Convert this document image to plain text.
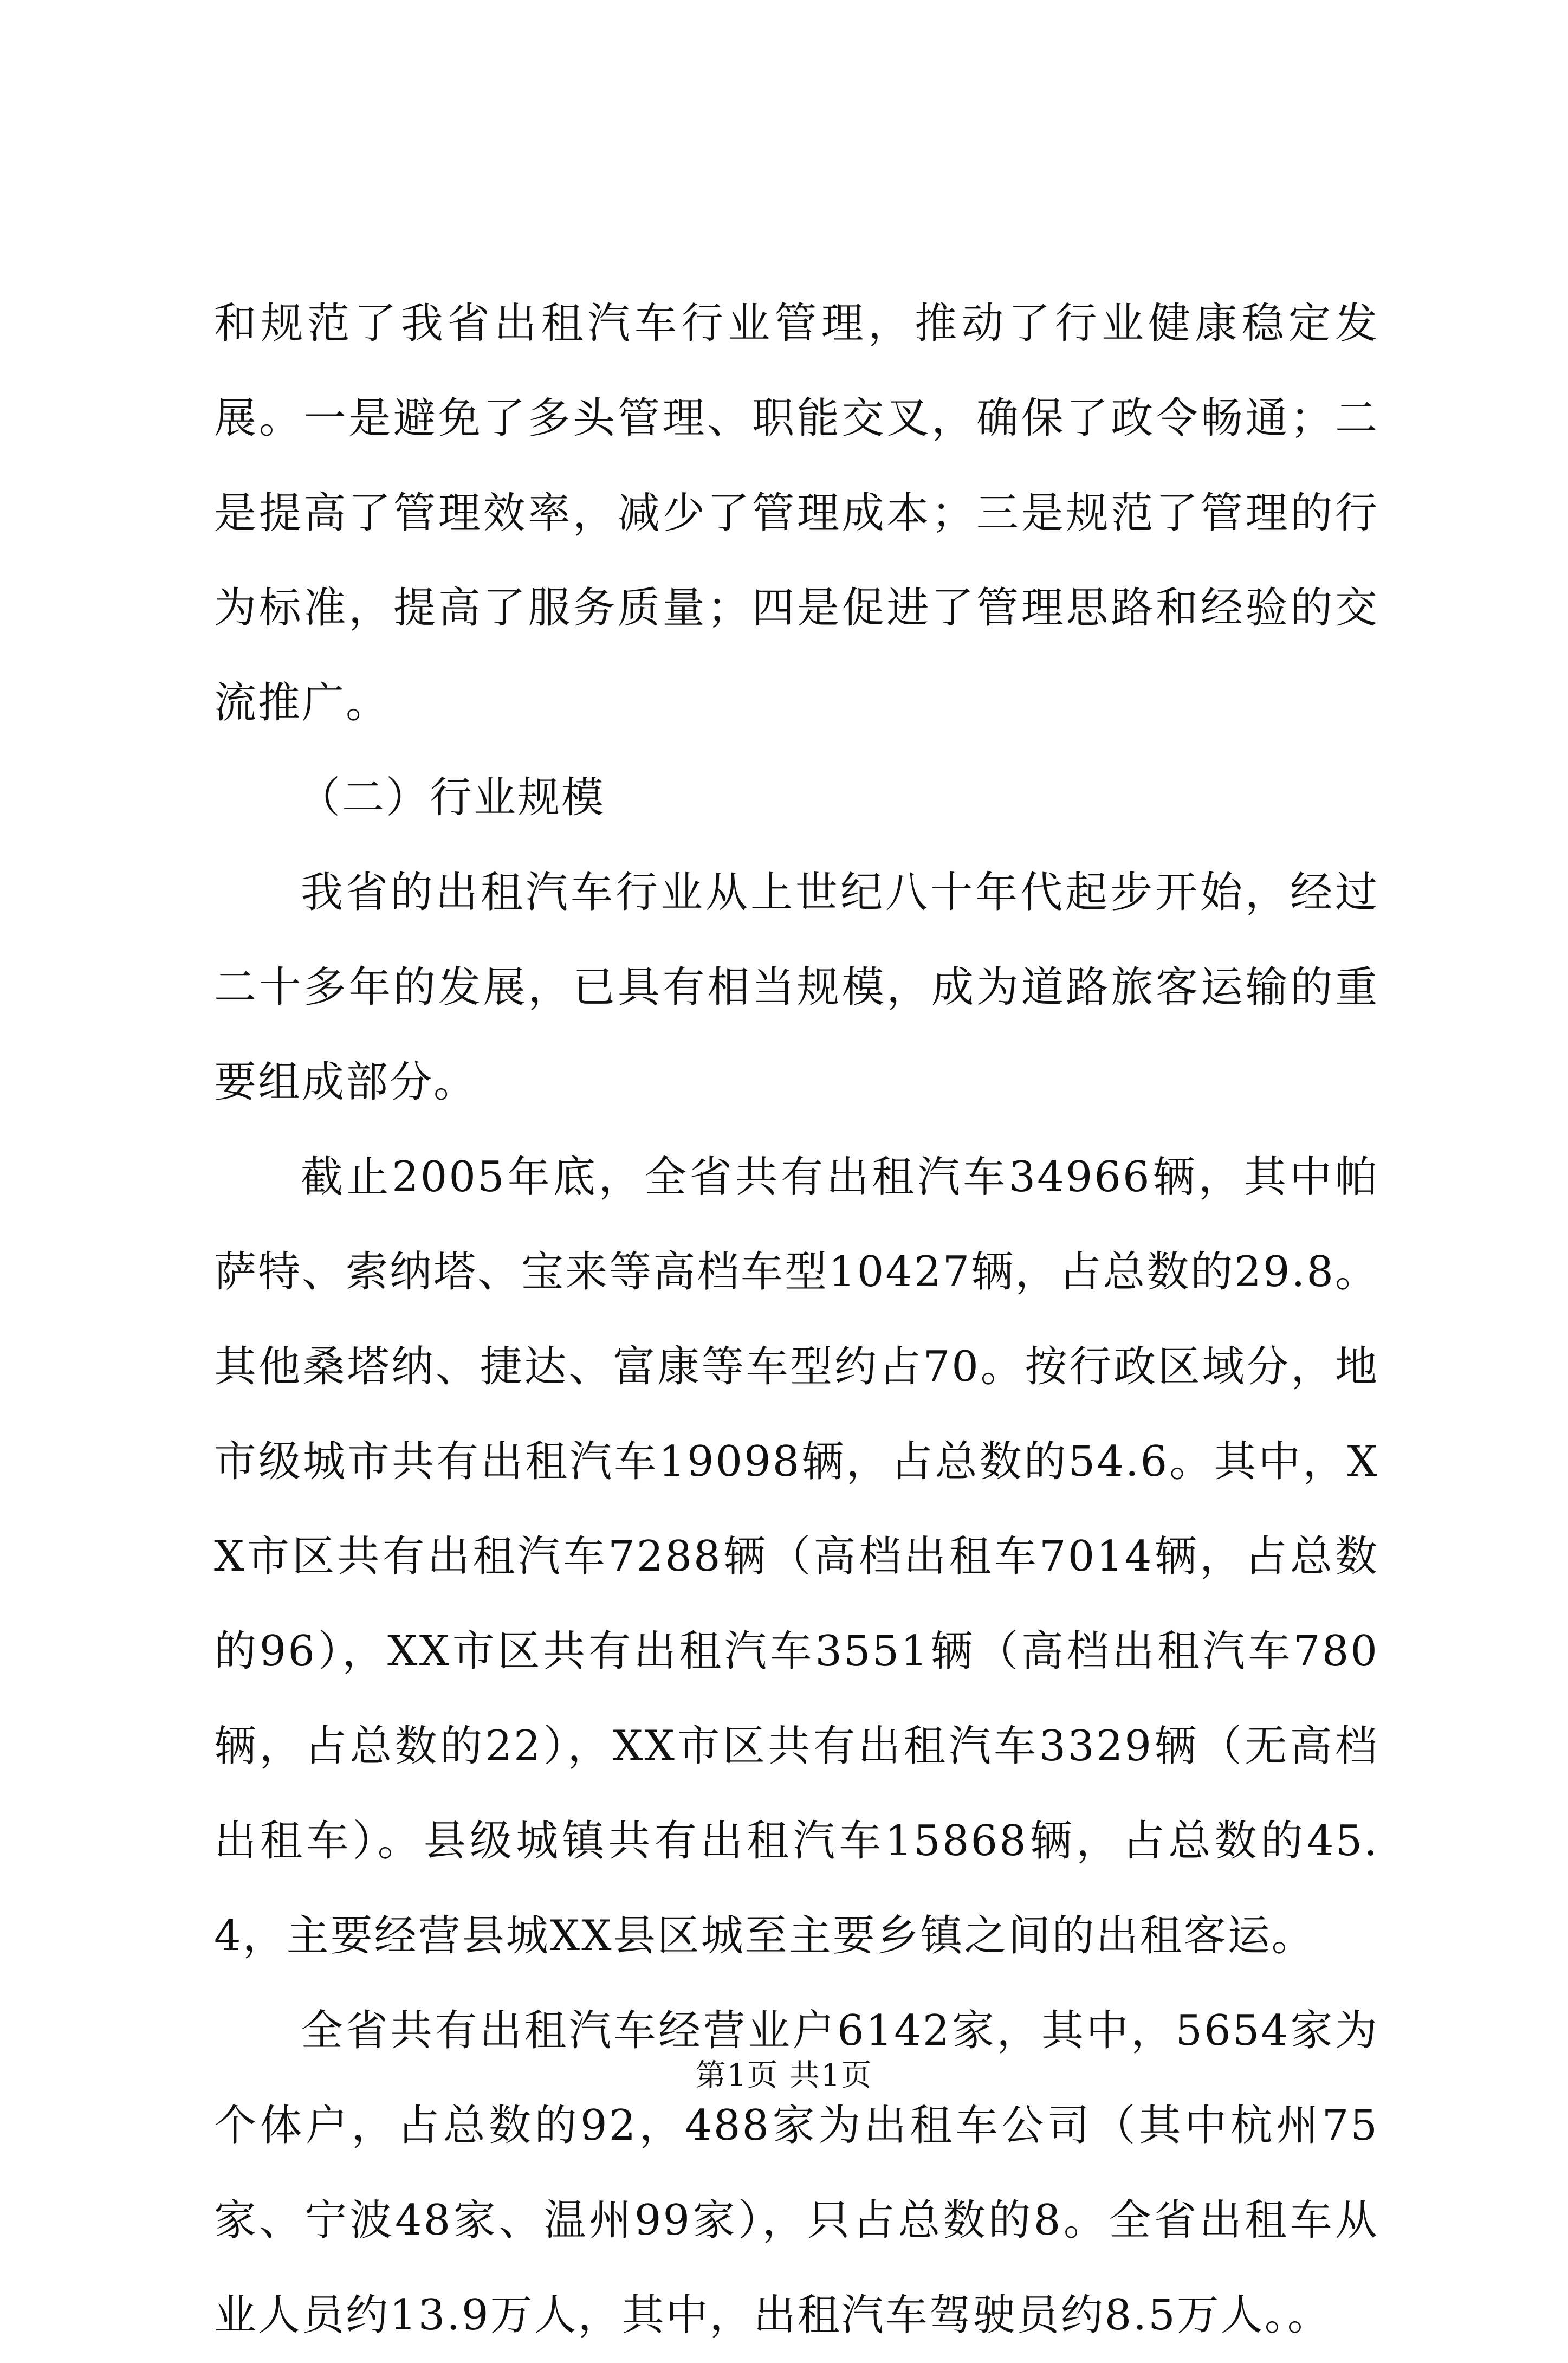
和规范了我省出租汽车行业管理，推动了行业健康稳定发展。一是避免了多头管理、职能交叉，确保了政令畅通；二是提高了管理效率，减少了管理成本；三是规范了管理的行为标准，提高了服务质量；四是促进了管理思路和经验的交流推广。

（二）行业规模

我省的出租汽车行业从上世纪八十年代起步开始，经过二十多年的发展，已具有相当规模，成为道路旅客运输的重要组成部分。

截止2005年底，全省共有出租汽车34966辆，其中帕萨特、索纳塔、宝来等高档车型10427辆，占总数的29.8。其他桑塔纳、捷达、富康等车型约占70。按行政区域分，地市级城市共有出租汽车19098辆，占总数的54.6。其中，XX市区共有出租汽车7288辆（高档出租车7014辆，占总数的96），XX市区共有出租汽车3551辆（高档出租汽车780辆，占总数的22），XX市区共有出租汽车3329辆（无高档出租车）。县级城镇共有出租汽车15868辆，占总数的45.4，主要经营县城XX县区城至主要乡镇之间的出租客运。

全省共有出租汽车经营业户6142家，其中，5654家为个体户，占总数的92，488家为出租车公司（其中杭州75家、宁波48家、温州99家），只占总数的8。全省出租车从业人员约13.9万人，其中，出租汽车驾驶员约8.5万人。。

第1页 共1页
